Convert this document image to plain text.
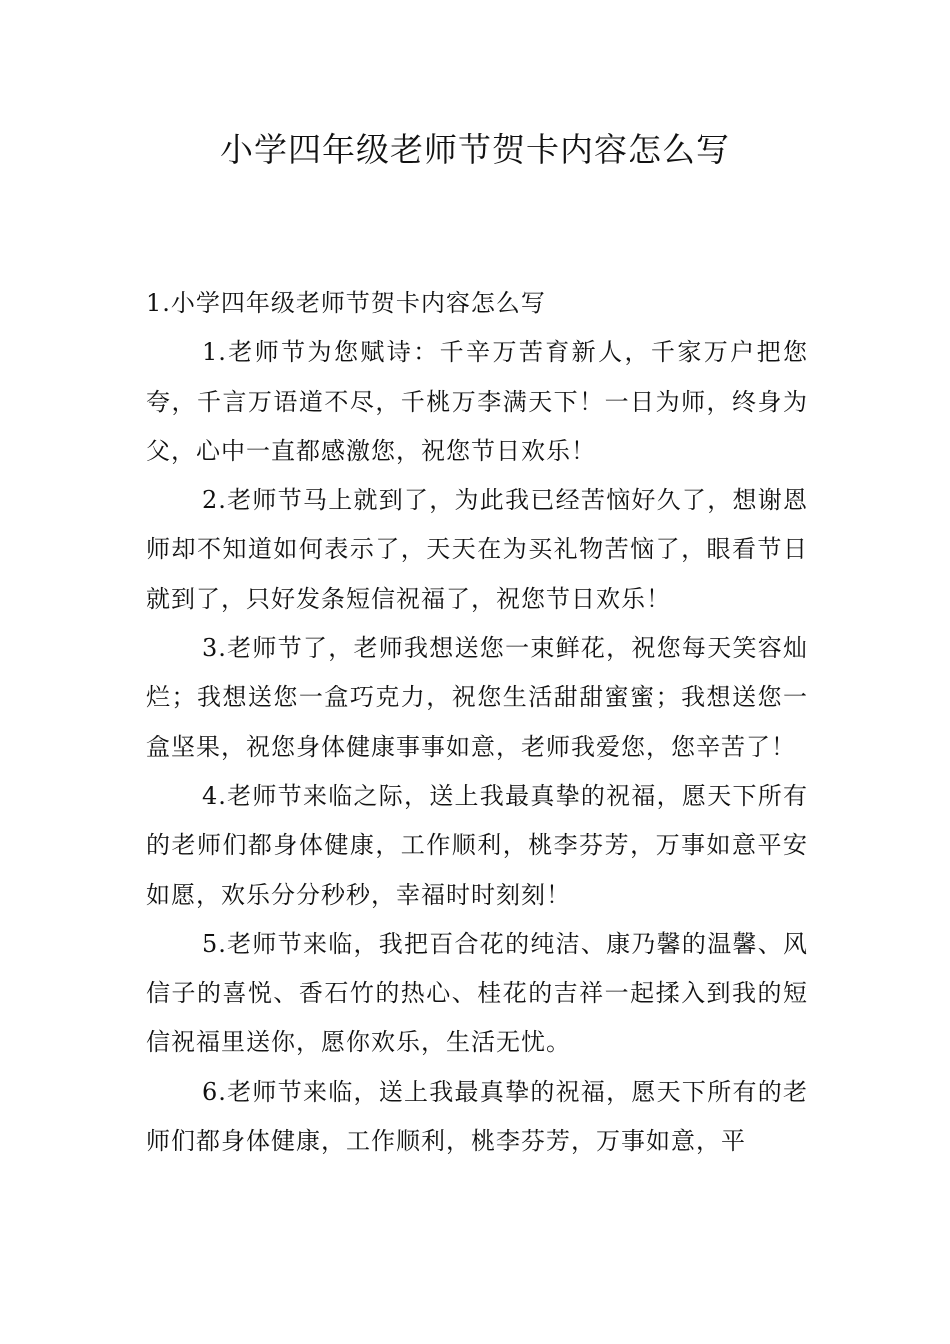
小学四年级老师节贺卡内容怎么写

1.小学四年级老师节贺卡内容怎么写

1.老师节为您赋诗：千辛万苦育新人，千家万户把您夸，千言万语道不尽，千桃万李满天下！一日为师，终身为父，心中一直都感激您，祝您节日欢乐！

2.老师节马上就到了，为此我已经苦恼好久了，想谢恩师却不知道如何表示了，天天在为买礼物苦恼了，眼看节日就到了，只好发条短信祝福了，祝您节日欢乐！

3.老师节了，老师我想送您一束鲜花，祝您每天笑容灿烂；我想送您一盒巧克力，祝您生活甜甜蜜蜜；我想送您一盒坚果，祝您身体健康事事如意，老师我爱您，您辛苦了！

4.老师节来临之际，送上我最真挚的祝福，愿天下所有的老师们都身体健康，工作顺利，桃李芬芳，万事如意平安如愿，欢乐分分秒秒，幸福时时刻刻！

5.老师节来临，我把百合花的纯洁、康乃馨的温馨、风信子的喜悦、香石竹的热心、桂花的吉祥一起揉入到我的短信祝福里送你，愿你欢乐，生活无忧。

6.老师节来临，送上我最真挚的祝福，愿天下所有的老师们都身体健康，工作顺利，桃李芬芳，万事如意，平
